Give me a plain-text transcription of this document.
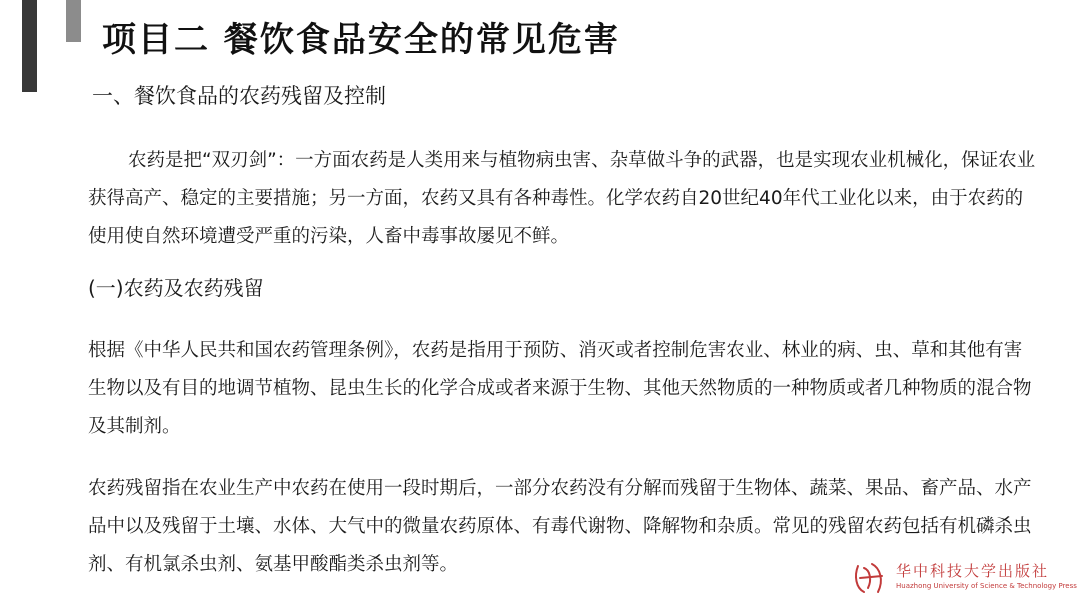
项目二 餐饮食品安全的常见危害
一、餐饮食品的农药残留及控制

农药是把“双刃剑”：一方面农药是人类用来与植物病虫害、杂草做斗争的武器，也是实现农业机械化，保证农业获得高产、稳定的主要措施；另一方面，农药又具有各种毒性。化学农药自20世纪40年代工业化以来，由于农药的使用使自然环境遭受严重的污染，人畜中毒事故屡见不鲜。

(一)农药及农药残留

根据《中华人民共和国农药管理条例》，农药是指用于预防、消灭或者控制危害农业、林业的病、虫、草和其他有害生物以及有目的地调节植物、昆虫生长的化学合成或者来源于生物、其他天然物质的一种物质或者几种物质的混合物及其制剂。

农药残留指在农业生产中农药在使用一段时期后，一部分农药没有分解而残留于生物体、蔬菜、果品、畜产品、水产品中以及残留于土壤、水体、大气中的微量农药原体、有毒代谢物、降解物和杂质。常见的残留农药包括有机磷杀虫剂、有机氯杀虫剂、氨基甲酸酯类杀虫剂等。	华中科技大学出版社
Huazhong University of Science & Technology Press
